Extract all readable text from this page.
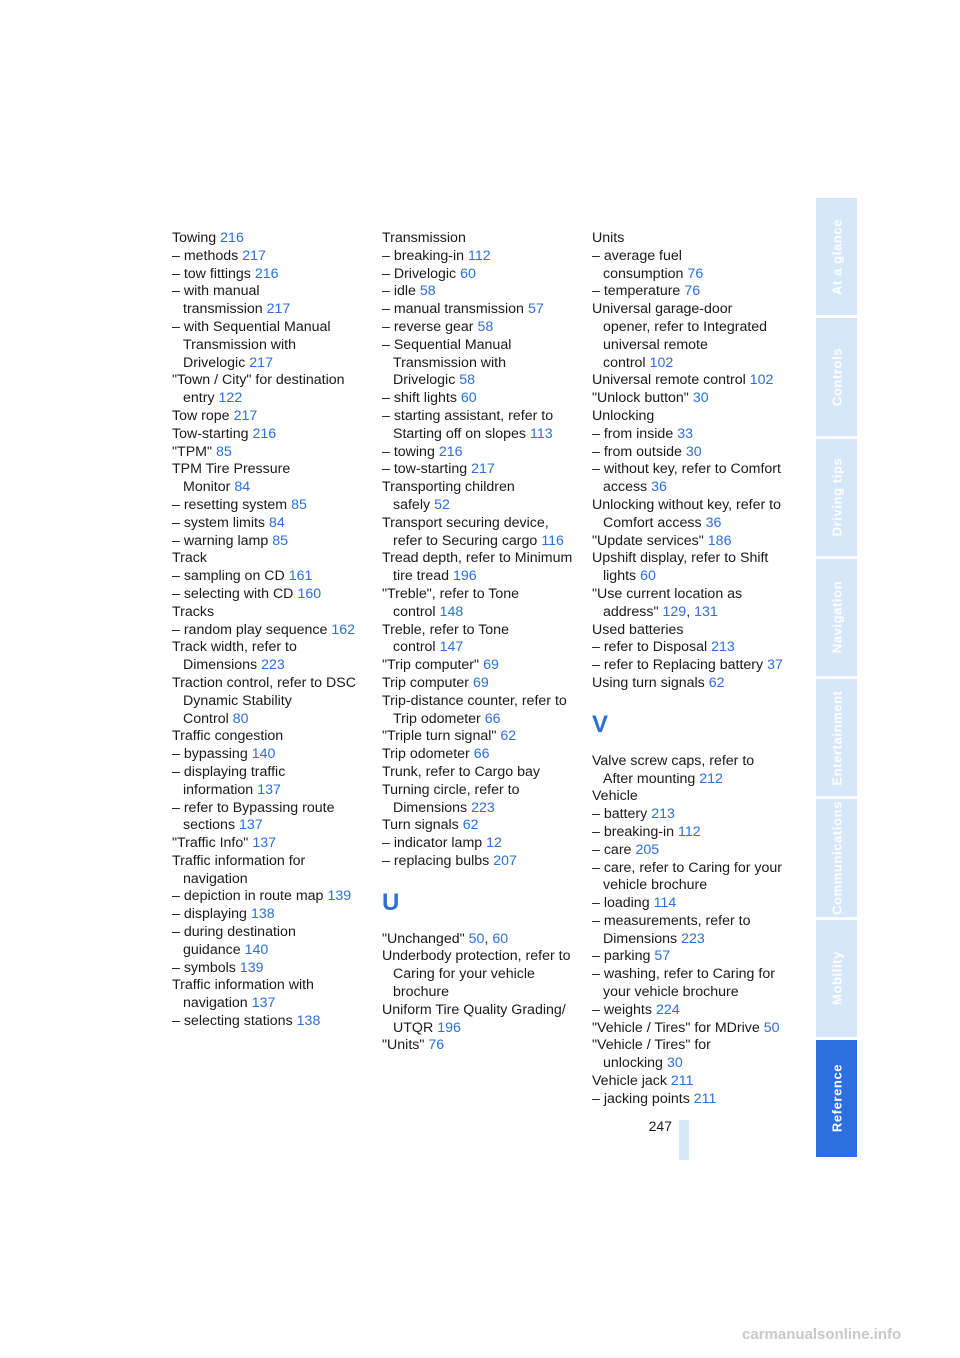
Towing 216
– methods 217
– tow fittings 216
– with manual
transmission 217
– with Sequential Manual
Transmission with
Drivelogic 217
"Town / City" for destination
entry 122
Tow rope 217
Tow-starting 216
"TPM" 85
TPM Tire Pressure
Monitor 84
– resetting system 85
– system limits 84
– warning lamp 85
Track
– sampling on CD 161
– selecting with CD 160
Tracks
– random play sequence 162
Track width, refer to
Dimensions 223
Traction control, refer to DSC
Dynamic Stability
Control 80
Traffic congestion
– bypassing 140
– displaying traffic
information 137
– refer to Bypassing route
sections 137
"Traffic Info" 137
Traffic information for
navigation
– depiction in route map 139
– displaying 138
– during destination
guidance 140
– symbols 139
Traffic information with
navigation 137
– selecting stations 138
Transmission
– breaking-in 112
– Drivelogic 60
– idle 58
– manual transmission 57
– reverse gear 58
– Sequential Manual
Transmission with
Drivelogic 58
– shift lights 60
– starting assistant, refer to
Starting off on slopes 113
– towing 216
– tow-starting 217
Transporting children
safely 52
Transport securing device,
refer to Securing cargo 116
Tread depth, refer to Minimum
tire tread 196
"Treble", refer to Tone
control 148
Treble, refer to Tone
control 147
"Trip computer" 69
Trip computer 69
Trip-distance counter, refer to
Trip odometer 66
"Triple turn signal" 62
Trip odometer 66
Trunk, refer to Cargo bay
Turning circle, refer to
Dimensions 223
Turn signals 62
– indicator lamp 12
– replacing bulbs 207
U
"Unchanged" 50, 60
Underbody protection, refer to
Caring for your vehicle
brochure
Uniform Tire Quality Grading/
UTQR 196
"Units" 76
Units
– average fuel
consumption 76
– temperature 76
Universal garage-door
opener, refer to Integrated
universal remote
control 102
Universal remote control 102
"Unlock button" 30
Unlocking
– from inside 33
– from outside 30
– without key, refer to Comfort
access 36
Unlocking without key, refer to
Comfort access 36
"Update services" 186
Upshift display, refer to Shift
lights 60
"Use current location as
address" 129, 131
Used batteries
– refer to Disposal 213
– refer to Replacing battery 37
Using turn signals 62
V
Valve screw caps, refer to
After mounting 212
Vehicle
– battery 213
– breaking-in 112
– care 205
– care, refer to Caring for your
vehicle brochure
– loading 114
– measurements, refer to
Dimensions 223
– parking 57
– washing, refer to Caring for
your vehicle brochure
– weights 224
"Vehicle / Tires" for MDrive 50
"Vehicle / Tires" for
unlocking 30
Vehicle jack 211
– jacking points 211
At a glance
Controls
Driving tips
Navigation
Entertainment
Communications
Mobility
Reference
247
carmanualsonline.info
